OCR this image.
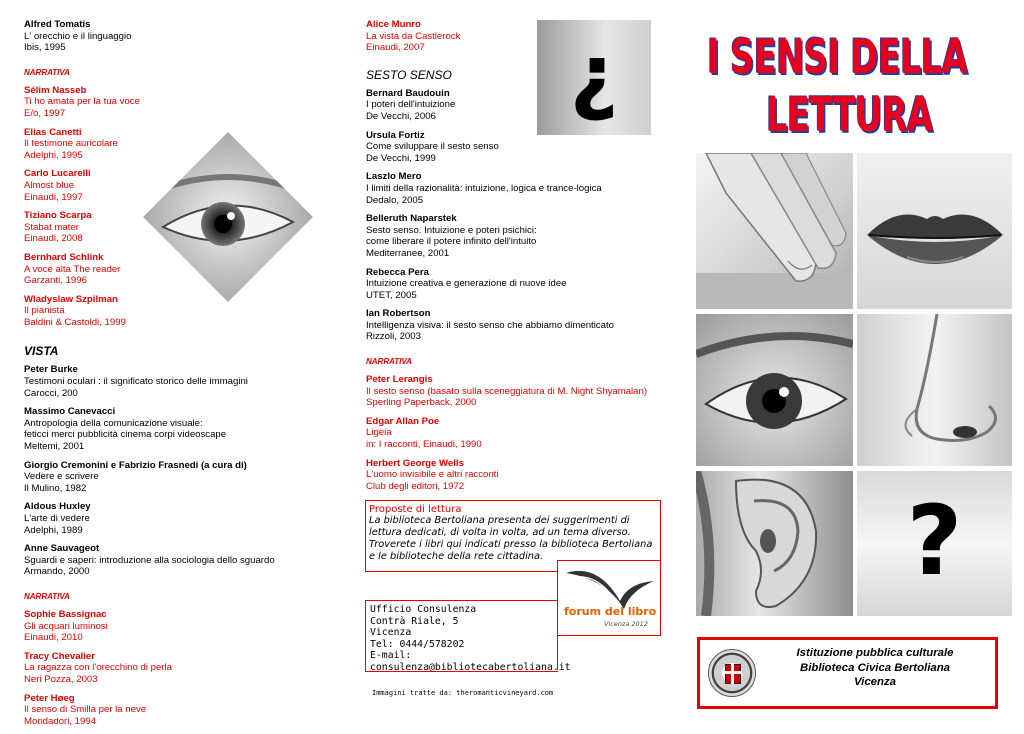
Alfred Tomatis
L' orecchio e il linguaggio
Ibis, 1995
NARRATIVA
Sélim Nasseb
Ti ho amata per la tua voce
E/o, 1997
Elias Canetti
Il testimone auricolare
Adelphi, 1995
Carlo Lucarelli
Almost blue
Einaudi, 1997
Tiziano Scarpa
Stabat mater
Einaudi, 2008
Bernhard Schlink
A voce alta The reader
Garzanti, 1996
Wladyslaw Szpilman
Il pianista
Baldini & Castoldi, 1999
VISTA
Peter Burke
Testimoni oculari : il significato storico delle immagini
Carocci, 200
Massimo Canevacci
Antropologia della comunicazione visuale:
feticci merci pubblicità cinema corpi videoscape
Meltemi, 2001
Giorgio Cremonini e Fabrizio Frasnedi (a cura di)
Vedere e scrivere
Il Mulino, 1982
Aldous Huxley
L'arte di vedere
Adelphi, 1989
Anne Sauvageot
Sguardi e saperi: introduzione alla sociologia dello sguardo
Armando, 2000
NARRATIVA
Sophie Bassignac
Gli acquari luminosi
Einaudi, 2010
Tracy Chevalier
La ragazza con l'orecchino di perla
Neri Pozza, 2003
Peter Høeg
Il senso di Smilla per la neve
Mondadori, 1994
Alice Munro
La vista da Castlerock
Einaudi, 2007
SESTO SENSO
Bernard Baudouin
I poteri dell'intuizione
De Vecchi, 2006
Ursula Fortiz
Come sviluppare il sesto senso
De Vecchi, 1999
Laszlo Mero
I limiti della razionalità: intuizione, logica e trance-logica
Dedalo, 2005
Belleruth Naparstek
Sesto senso. Intuizione e poteri psichici:
come liberare il potere infinito dell'intuito
Mediterranee, 2001
Rebecca Pera
Intuizione creativa e generazione di nuove idee
UTET, 2005
Ian Robertson
Intelligenza visiva: il sesto senso che abbiamo dimenticato
Rizzoli, 2003
NARRATIVA
Peter Lerangis
Il sesto senso (basato sulla sceneggiatura di M. Night Shyamalan)
Sperling Paperback, 2000
Edgar Allan Poe
Ligeia
in: I racconti, Einaudi, 1990
Herbert George Wells
L'uomo invisibile e altri racconti
Club degli editori, 1972
¿
Proposte di lettura
La biblioteca Bertoliana presenta dei suggerimenti di
lettura dedicati, di volta in volta, ad un tema diverso.
Troverete i libri qui indicati presso la biblioteca Bertoliana
e le biblioteche della rete cittadina.
forum del libro
Vicenza 2012
Ufficio Consulenza
Contrà Riale, 5
Vicenza
Tel: 0444/578202
E-mail: consulenza@bibliotecabertoliana.it
Immagini tratte da: theromanticvineyard.com
I SENSI DELLA
LETTURA
?
Istituzione pubblica culturale
Biblioteca Civica Bertoliana
Vicenza
